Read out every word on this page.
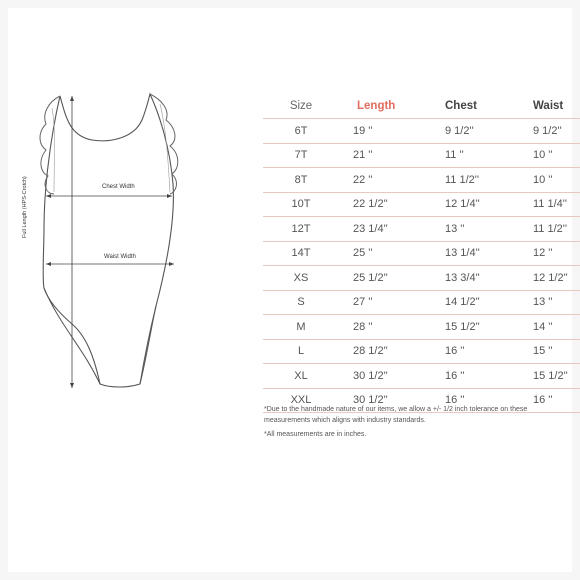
Chest Width
Waist Width
Full Length (HPS-Crotch)
Size	Length	Chest	Waist
6T	19 ''	9 1/2''	9 1/2''
7T	21 ''	11 ''	10 ''
8T	22 ''	11 1/2''	10 ''
10T	22 1/2''	12 1/4''	11 1/4''
12T	23 1/4''	13 ''	11 1/2''
14T	25 ''	13 1/4''	12 ''
XS	25 1/2''	13 3/4''	12 1/2''
S	27 ''	14 1/2''	13 ''
M	28 ''	15 1/2''	14 ''
L	28 1/2''	16 ''	15 ''
XL	30 1/2''	16 ''	15 1/2''
XXL	30 1/2''	16 ''	16 ''

*Due to the handmade nature of our items, we allow a +/- 1/2 inch tolerance on these measurements which aligns with industry standards.

*All measurements are in inches.
